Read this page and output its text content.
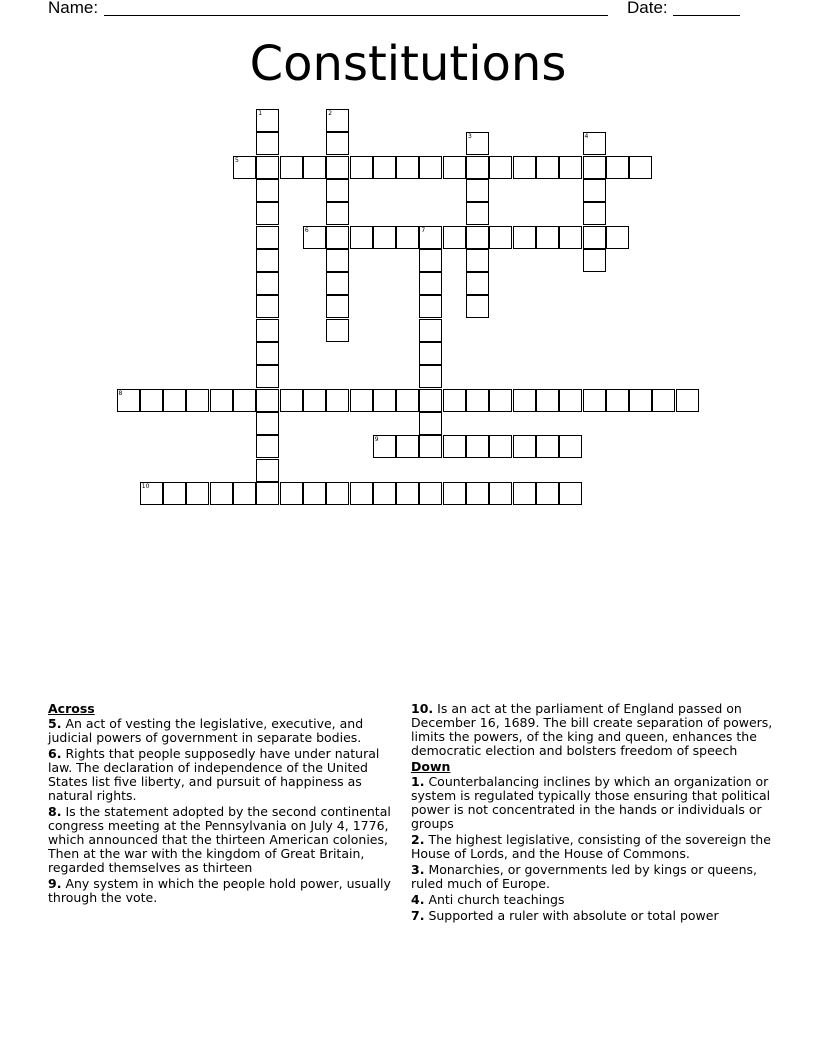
Name:	Date:
Constitutions
1	2
3	4
5
6	7
8
9
10
Across
5. An act of vesting the legislative, executive, and judicial powers of government in separate bodies.
6. Rights that people supposedly have under natural law. The declaration of independence of the United States list five liberty, and pursuit of happiness as natural rights.
8. Is the statement adopted by the second continental congress meeting at the Pennsylvania on July 4, 1776, which announced that the thirteen American colonies, Then at the war with the kingdom of Great Britain, regarded themselves as thirteen
9. Any system in which the people hold power, usually through the vote.
10. Is an act at the parliament of England passed on December 16, 1689. The bill create separation of powers, limits the powers, of the king and queen, enhances the democratic election and bolsters freedom of speech
Down
1. Counterbalancing inclines by which an organization or system is regulated typically those ensuring that political power is not concentrated in the hands or individuals or groups
2. The highest legislative, consisting of the sovereign the House of Lords, and the House of Commons.
3. Monarchies, or governments led by kings or queens, ruled much of Europe.
4. Anti church teachings
7. Supported a ruler with absolute or total power
